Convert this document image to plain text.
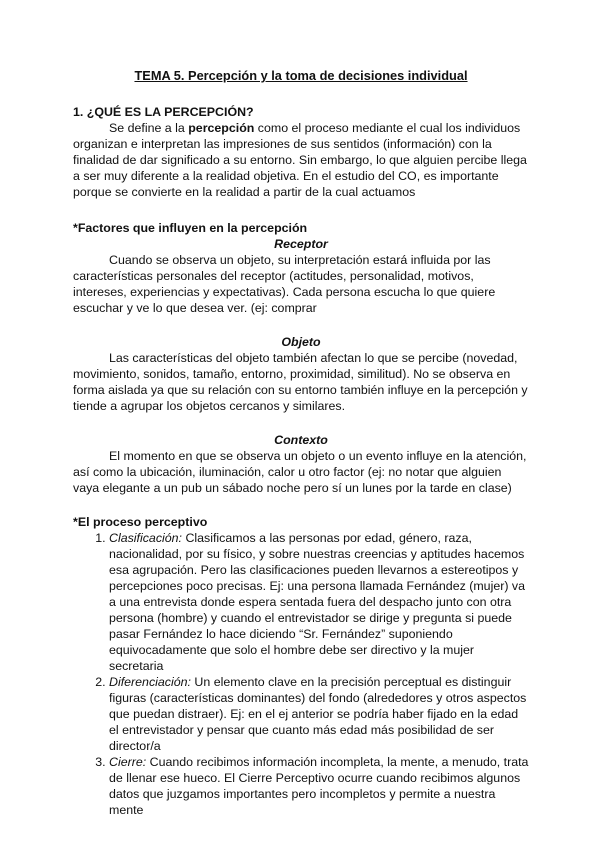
TEMA 5. Percepción y la toma de decisiones individual

1. ¿QUÉ ES LA PERCEPCIÓN?

Se define a la percepción como el proceso mediante el cual los individuos organizan e interpretan las impresiones de sus sentidos (información) con la finalidad de dar significado a su entorno. Sin embargo, lo que alguien percibe llega a ser muy diferente a la realidad objetiva. En el estudio del CO, es importante porque se convierte en la realidad a partir de la cual actuamos

*Factores que influyen en la percepción

Receptor

Cuando se observa un objeto, su interpretación estará influida por las características personales del receptor (actitudes, personalidad, motivos, intereses, experiencias y expectativas). Cada persona escucha lo que quiere escuchar y ve lo que desea ver. (ej: comprar

Objeto

Las características del objeto también afectan lo que se percibe (novedad, movimiento, sonidos, tamaño, entorno, proximidad, similitud). No se observa en forma aislada ya que su relación con su entorno también influye en la percepción y tiende a agrupar los objetos cercanos y similares.

Contexto

El momento en que se observa un objeto o un evento influye en la atención, así como la ubicación, iluminación, calor u otro factor (ej: no notar que alguien vaya elegante a un pub un sábado noche pero sí un lunes por la tarde en clase)

*El proceso perceptivo

1. Clasificación: Clasificamos a las personas por edad, género, raza, nacionalidad, por su físico, y sobre nuestras creencias y aptitudes hacemos esa agrupación. Pero las clasificaciones pueden llevarnos a estereotipos y percepciones poco precisas. Ej: una persona llamada Fernández (mujer) va a una entrevista donde espera sentada fuera del despacho junto con otra persona (hombre) y cuando el entrevistador se dirige y pregunta si puede pasar Fernández lo hace diciendo “Sr. Fernández” suponiendo equivocadamente que solo el hombre debe ser directivo y la mujer secretaria
2. Diferenciación: Un elemento clave en la precisión perceptual es distinguir figuras (características dominantes) del fondo (alrededores y otros aspectos que puedan distraer). Ej: en el ej anterior se podría haber fijado en la edad el entrevistador y pensar que cuanto más edad más posibilidad de ser director/a
3. Cierre: Cuando recibimos información incompleta, la mente, a menudo, trata de llenar ese hueco. El Cierre Perceptivo ocurre cuando recibimos algunos datos que juzgamos importantes pero incompletos y permite a nuestra mente
